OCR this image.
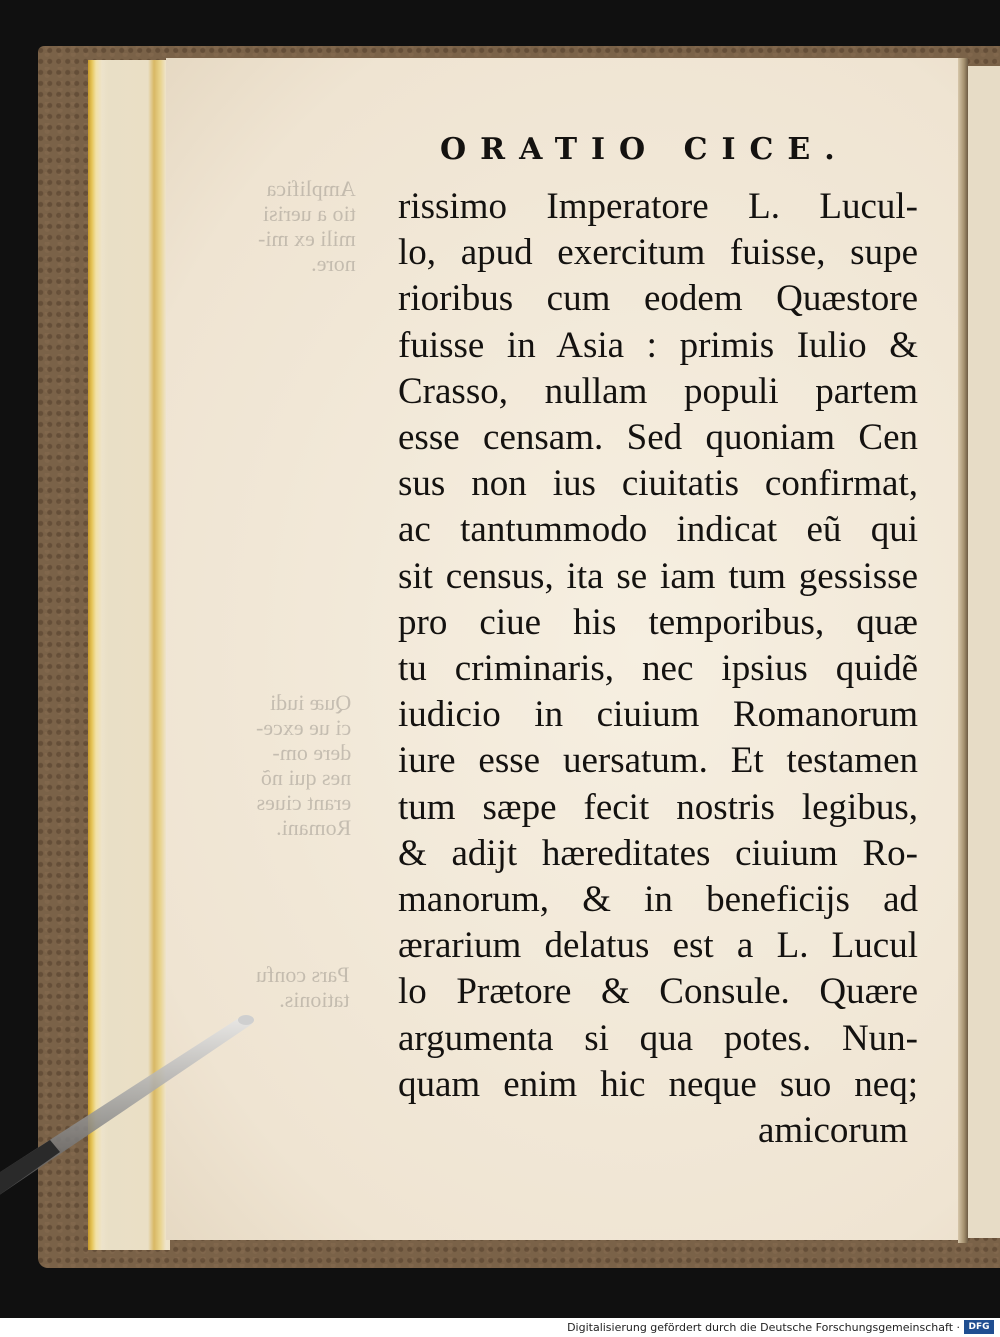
Amplifica
tio a uerisi
mili ex mi-
nore.
Quæ iudi
ci ue exce-
dere om-
nes qui nõ
erant ciues
Romani.
Pars confu
tationis.

ORATIO CICE.

rissimo Imperatore L. Lucul-
lo, apud exercitum fuisse, supe
rioribus cum eodem Quæstore
fuisse in Asia : primis Iulio &
Crasso, nullam populi partem
esse censam. Sed quoniam Cen
sus non ius ciuitatis confirmat,
ac tantummodo indicat eũ qui
sit census, ita se iam tum gessisse
pro ciue his temporibus, quæ
tu criminaris, nec ipsius quidẽ
iudicio in ciuium Romanorum
iure esse uersatum. Et testamen
tum sæpe fecit nostris legibus,
& adijt hæreditates ciuium Ro-
manorum, & in beneficijs ad
ærarium delatus est a L. Lucul
lo Prætore & Consule. Quære
argumenta si qua potes. Nun-
quam enim hic neque suo neq;
amicorum

Digitalisierung gefördert durch die Deutsche Forschungsgemeinschaft · DFG
